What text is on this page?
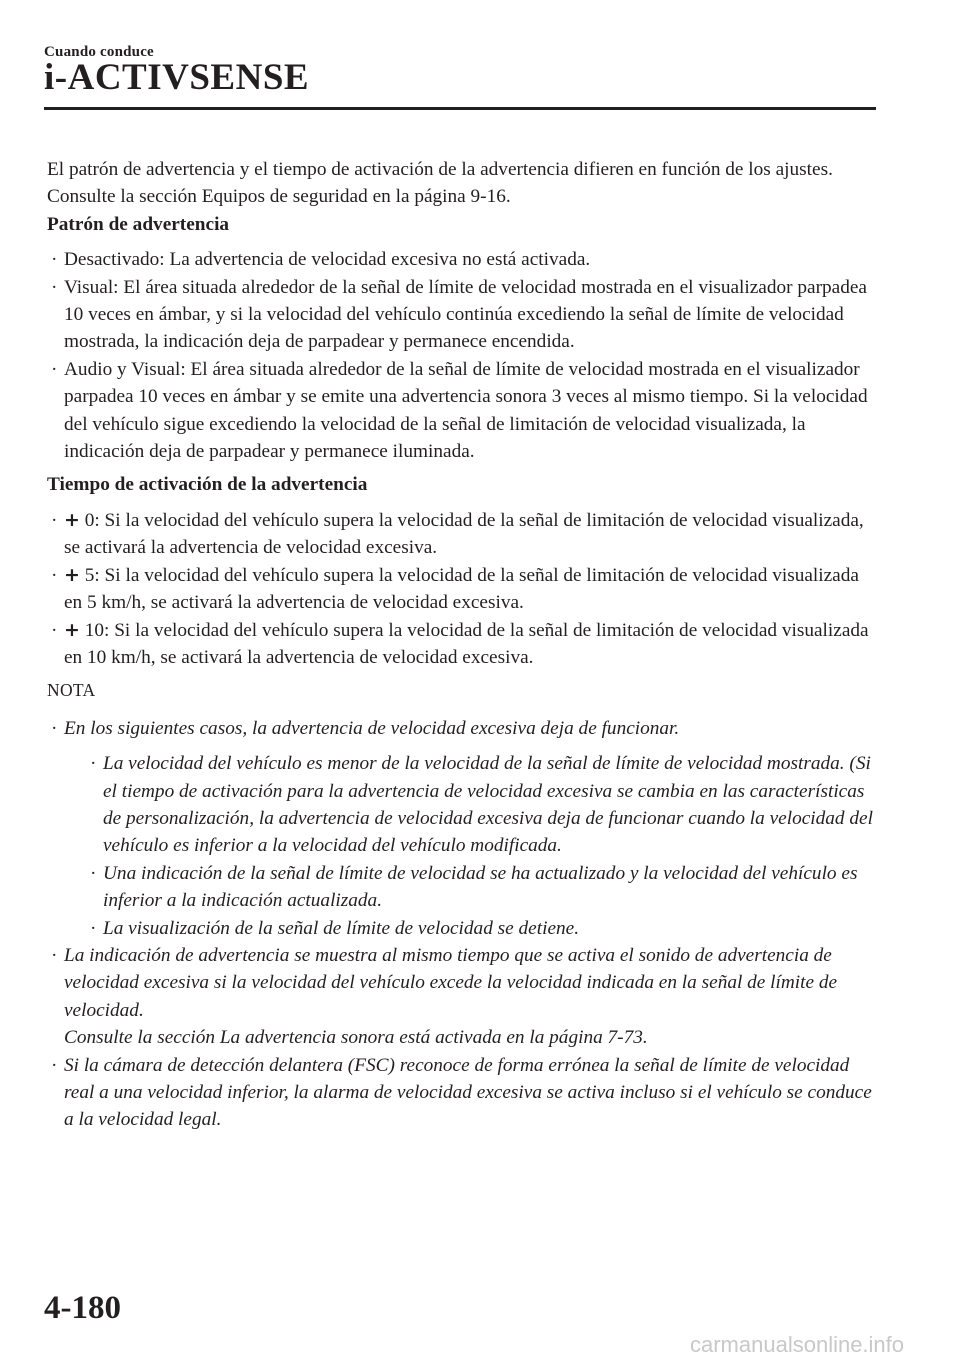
Cuando conduce
i-ACTIVSENSE

El patrón de advertencia y el tiempo de activación de la advertencia difieren en función de los ajustes.

Consulte la sección Equipos de seguridad en la página 9-16.

Patrón de advertencia

· Desactivado: La advertencia de velocidad excesiva no está activada.
· Visual: El área situada alrededor de la señal de límite de velocidad mostrada en el visualizador parpadea 10 veces en ámbar, y si la velocidad del vehículo continúa excediendo la señal de límite de velocidad mostrada, la indicación deja de parpadear y permanece encendida.
· Audio y Visual: El área situada alrededor de la señal de límite de velocidad mostrada en el visualizador parpadea 10 veces en ámbar y se emite una advertencia sonora 3 veces al mismo tiempo. Si la velocidad del vehículo sigue excediendo la velocidad de la señal de limitación de velocidad visualizada, la indicación deja de parpadear y permanece iluminada.

Tiempo de activación de la advertencia

· + 0: Si la velocidad del vehículo supera la velocidad de la señal de limitación de velocidad visualizada, se activará la advertencia de velocidad excesiva.
· + 5: Si la velocidad del vehículo supera la velocidad de la señal de limitación de velocidad visualizada en 5 km/h, se activará la advertencia de velocidad excesiva.
· + 10: Si la velocidad del vehículo supera la velocidad de la señal de limitación de velocidad visualizada en 10 km/h, se activará la advertencia de velocidad excesiva.

NOTA

· En los siguientes casos, la advertencia de velocidad excesiva deja de funcionar.
· La velocidad del vehículo es menor de la velocidad de la señal de límite de velocidad mostrada. (Si el tiempo de activación para la advertencia de velocidad excesiva se cambia en las características de personalización, la advertencia de velocidad excesiva deja de funcionar cuando la velocidad del vehículo es inferior a la velocidad del vehículo modificada.
· Una indicación de la señal de límite de velocidad se ha actualizado y la velocidad del vehículo es inferior a la indicación actualizada.
· La visualización de la señal de límite de velocidad se detiene.
· La indicación de advertencia se muestra al mismo tiempo que se activa el sonido de advertencia de velocidad excesiva si la velocidad del vehículo excede la velocidad indicada en la señal de límite de velocidad.
Consulte la sección La advertencia sonora está activada en la página 7-73.
· Si la cámara de detección delantera (FSC) reconoce de forma errónea la señal de límite de velocidad real a una velocidad inferior, la alarma de velocidad excesiva se activa incluso si el vehículo se conduce a la velocidad legal.
4-180
carmanualsonline.info
